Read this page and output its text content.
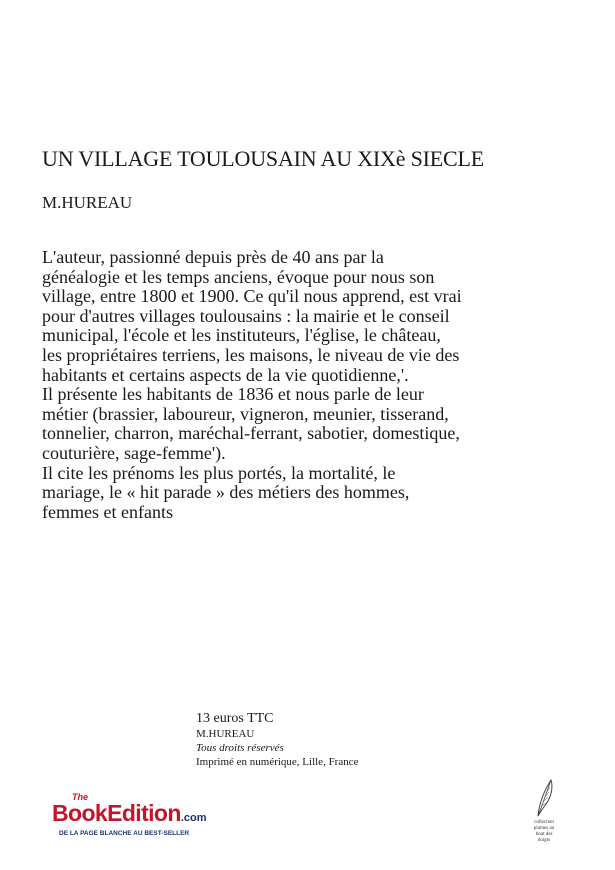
UN VILLAGE TOULOUSAIN AU XIXè SIECLE
M.HUREAU

L'auteur, passionné depuis près de 40 ans par la généalogie et les temps anciens, évoque pour nous son village, entre 1800 et 1900. Ce qu'il nous apprend, est vrai pour d'autres villages toulousains : la mairie et le conseil municipal, l'école et les instituteurs, l'église, le château, les propriétaires terriens, les maisons, le niveau de vie des habitants et certains aspects de la vie quotidienne,'.

Il présente les habitants de 1836 et nous parle de leur métier (brassier, laboureur, vigneron, meunier, tisserand, tonnelier, charron, maréchal-ferrant, sabotier, domestique, couturière, sage-femme').

Il cite les prénoms les plus portés, la mortalité, le mariage, le « hit parade » des métiers des hommes, femmes et enfants

13 euros TTC
M.HUREAU
Tous droits réservés
Imprimé en numérique, Lille, France
The
BookEdition.com
DE LA PAGE BLANCHE AU BEST-SELLER
collection
plumes au
bout des
doigts
